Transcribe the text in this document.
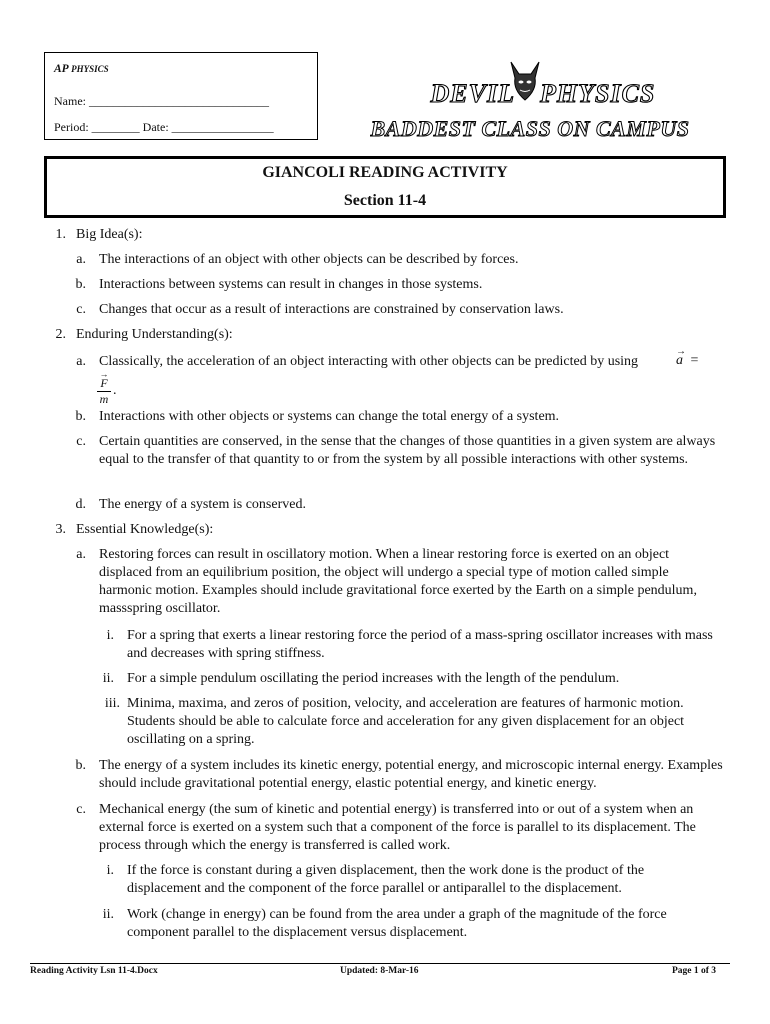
AP PHYSICS
Name: ______________________________
Period: ________ Date: _________________
DEVIL PHYSICS
BADDEST CLASS ON CAMPUS
GIANCOLI READING ACTIVITY
Section 11-4
1. Big Idea(s):
a. The interactions of an object with other objects can be described by forces.
b. Interactions between systems can result in changes in those systems.
c. Changes that occur as a result of interactions are constrained by conservation laws.
2. Enduring Understanding(s):
a. Classically, the acceleration of an object interacting with other objects can be predicted by using
→
a =
→
F
m
.
b. Interactions with other objects or systems can change the total energy of a system.
c. Certain quantities are conserved, in the sense that the changes of those quantities in a given system are always equal to the transfer of that quantity to or from the system by all possible interactions with other systems.
d. The energy of a system is conserved.
3. Essential Knowledge(s):
a. Restoring forces can result in oscillatory motion. When a linear restoring force is exerted on an object displaced from an equilibrium position, the object will undergo a special type of motion called simple harmonic motion. Examples should include gravitational force exerted by the Earth on a simple pendulum, massspring oscillator.
i. For a spring that exerts a linear restoring force the period of a mass-spring oscillator increases with mass and decreases with spring stiffness.
ii. For a simple pendulum oscillating the period increases with the length of the pendulum.
iii. Minima, maxima, and zeros of position, velocity, and acceleration are features of harmonic motion. Students should be able to calculate force and acceleration for any given displacement for an object oscillating on a spring.
b. The energy of a system includes its kinetic energy, potential energy, and microscopic internal energy. Examples should include gravitational potential energy, elastic potential energy, and kinetic energy.
c. Mechanical energy (the sum of kinetic and potential energy) is transferred into or out of a system when an external force is exerted on a system such that a component of the force is parallel to its displacement. The process through which the energy is transferred is called work.
i. If the force is constant during a given displacement, then the work done is the product of the displacement and the component of the force parallel or antiparallel to the displacement.
ii. Work (change in energy) can be found from the area under a graph of the magnitude of the force component parallel to the displacement versus displacement.
Reading Activity Lsn 11-4.Docx	Updated: 8-Mar-16	Page 1 of 3
